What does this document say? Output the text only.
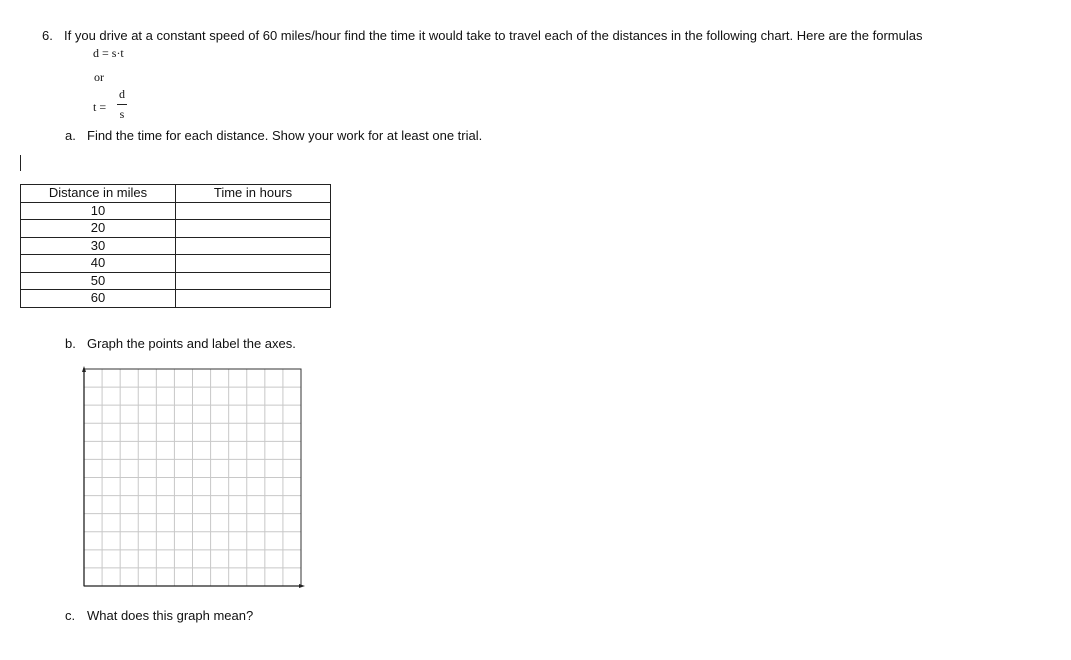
6. If you drive at a constant speed of 60 miles/hour find the time it would take to travel each of the distances in the following chart. Here are the formulas
d = s·t
or
t =
d
s
a. Find the time for each distance. Show your work for at least one trial.
Distance in miles	Time in hours
10	
20	
30	
40	
50	
60	
b. Graph the points and label the axes.
c. What does this graph mean?
